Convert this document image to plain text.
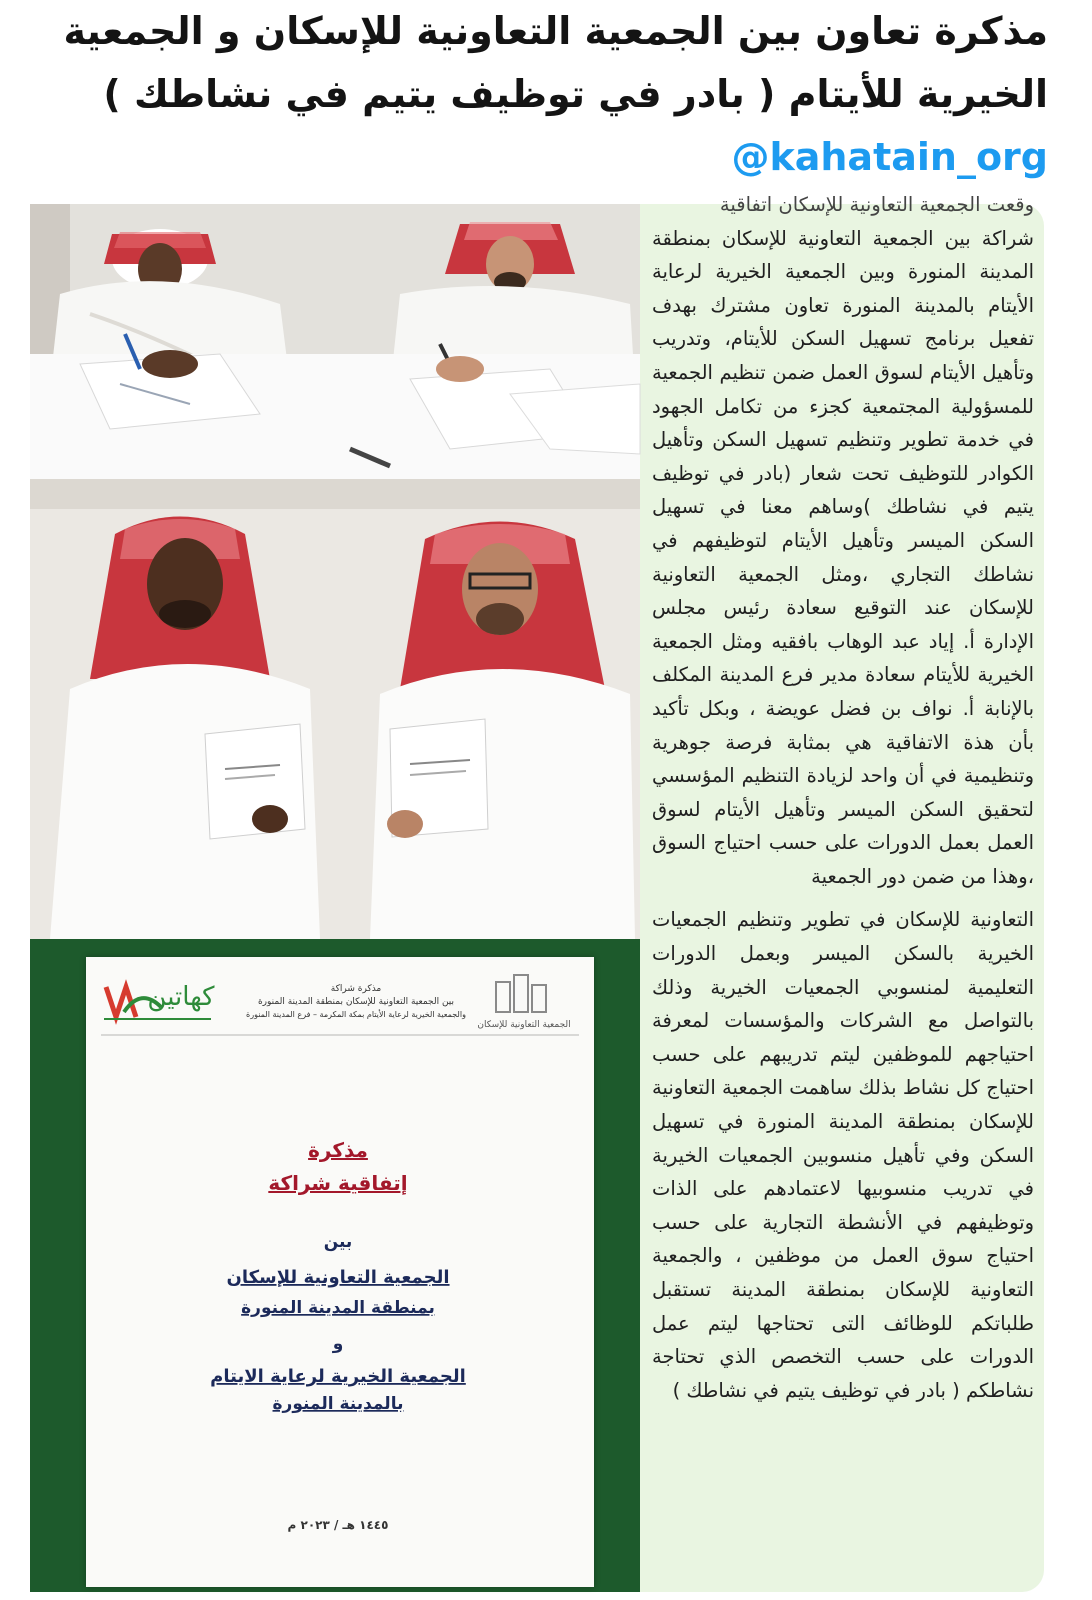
مذكرة تعاون بين الجمعية التعاونية للإسكان و الجمعية الخيرية للأيتام ( بادر في توظيف يتيم في نشاطك ) @kahatain_org
كهاتين
الجمعية التعاونية للإسكان
مذكرة شراكة
بين الجمعية التعاونية للإسكان بمنطقة المدينة المنورة
والجمعية الخيرية لرعاية الأيتام بمكة المكرمة – فرع المدينة المنورة
مذكرة
إتفاقية شراكة
بين
الجمعية التعاونية للإسكان
بمنطقة المدينة المنورة
و
الجمعية الخيرية لرعاية الايتام
بالمدينة المنورة
١٤٤٥ هـ / ٢٠٢٣ م

وقعت الجمعية التعاونية للإسكان اتفاقية

شراكة بين الجمعية التعاونية للإسكان بمنطقة المدينة المنورة وبين الجمعية الخيرية لرعاية الأيتام بالمدينة المنورة تعاون مشترك بهدف تفعيل برنامج تسهيل السكن للأيتام، وتدريب وتأهيل الأيتام لسوق العمل ضمن تنظيم الجمعية للمسؤولية المجتمعية كجزء من تكامل الجهود في خدمة تطوير وتنظيم تسهيل السكن وتأهيل الكوادر للتوظيف تحت شعار (بادر في توظيف يتيم في نشاطك )وساهم معنا في تسهيل السكن الميسر وتأهيل الأيتام لتوظيفهم في نشاطك التجاري ،ومثل الجمعية التعاونية للإسكان عند التوقيع سعادة رئيس مجلس الإدارة أ. إياد عبد الوهاب بافقيه ومثل الجمعية الخيرية للأيتام سعادة مدير فرع المدينة المكلف بالإنابة أ. نواف بن فضل عويضة ، وبكل تأكيد بأن هذة الاتفاقية هي بمثابة فرصة جوهرية وتنظيمية في أن واحد لزيادة التنظيم المؤسسي لتحقيق السكن الميسر وتأهيل الأيتام لسوق العمل بعمل الدورات على حسب احتياج السوق ،وهذا من ضمن دور الجمعية

التعاونية للإسكان في تطوير وتنظيم الجمعيات الخيرية بالسكن الميسر وبعمل الدورات التعليمية لمنسوبي الجمعيات الخيرية وذلك بالتواصل مع الشركات والمؤسسات لمعرفة احتياجهم للموظفين ليتم تدريبهم على حسب احتياج كل نشاط بذلك ساهمت الجمعية التعاونية للإسكان بمنطقة المدينة المنورة في تسهيل السكن وفي تأهيل منسوبين الجمعيات الخيرية في تدريب منسوبيها لاعتمادهم على الذات وتوظيفهم في الأنشطة التجارية على حسب احتياج سوق العمل من موظفين ، والجمعية التعاونية للإسكان بمنطقة المدينة تستقبل طلباتكم للوظائف التى تحتاجها ليتم عمل الدورات على حسب التخصص الذي تحتاجة نشاطكم ( بادر في توظيف يتيم في نشاطك )
